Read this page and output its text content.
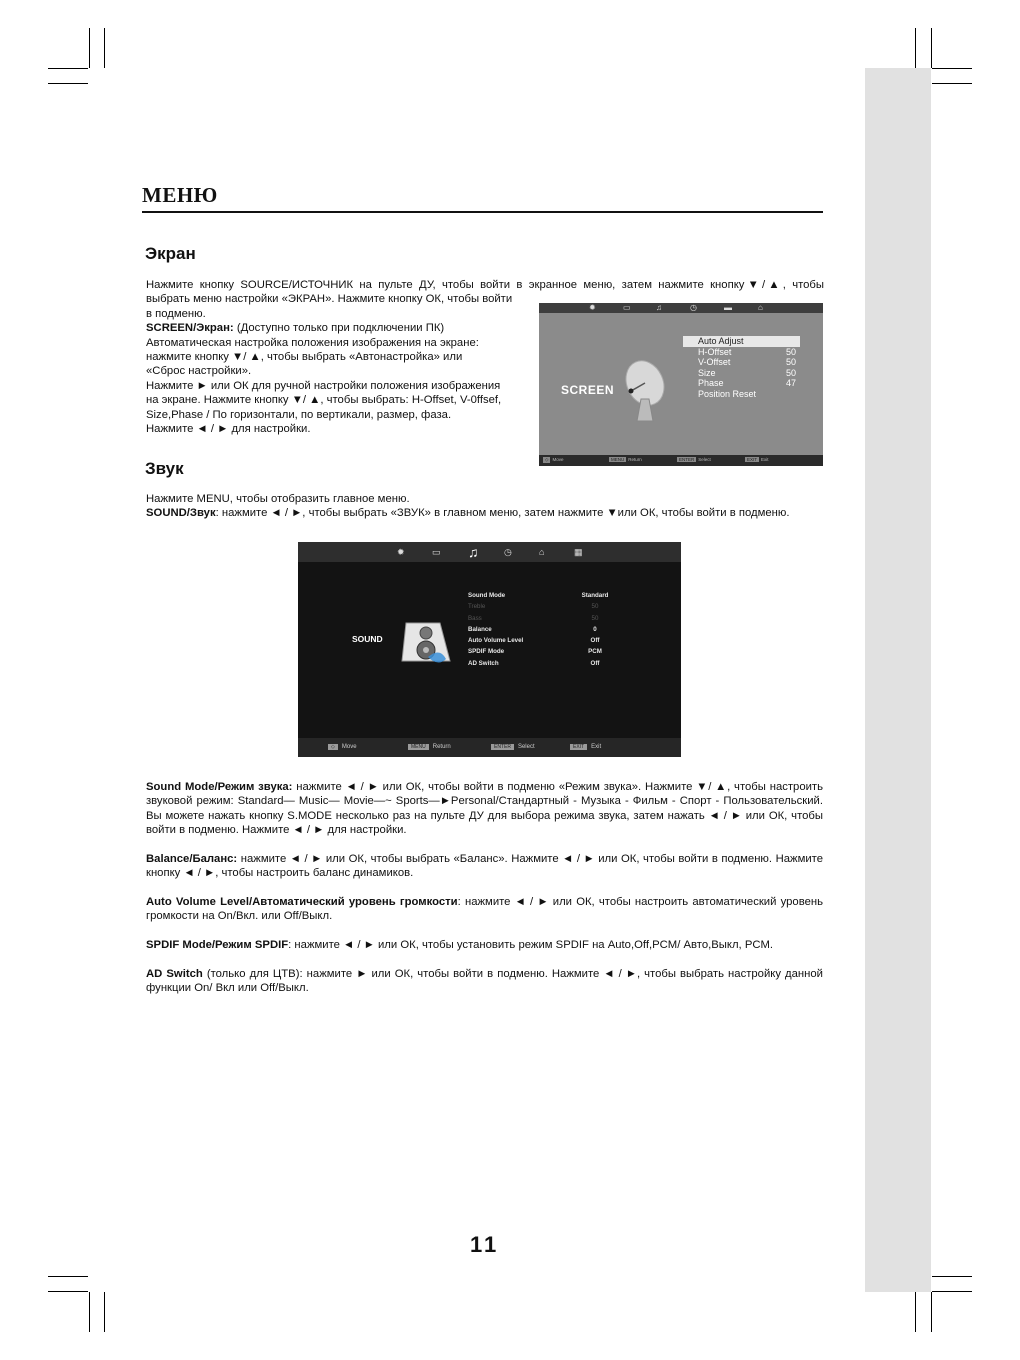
МЕНЮ
Экран
Нажмите кнопку SOURCE/ИСТОЧНИК на пульте ДУ, чтобы войти в экранное меню, затем нажмите кнопку▼/▲, чтобы
выбрать меню настройки «ЭКРАН». Нажмите кнопку ОК, чтобы войти
в подменю.
SCREEN/Экран: (Доступно только при подключении ПК)
Автоматическая настройка положения изображения на экране:
нажмите кнопку ▼/ ▲, чтобы выбрать «Автонастройка» или
«Сброс настройки».
Нажмите ► или ОК для ручной настройки положения изображения
на экране. Нажмите кнопку ▼/ ▲, чтобы выбрать: H-Offset, V-0ffsef,
Size,Phase / По горизонтали, по вертикали, размер, фаза.
Нажмите ◄ / ► для настройки.
✹	▭	♫	◷	▬	⌂
SCREEN
Auto Adjust
H-Offset	50
V-Offset	50
Size	50
Phase	47
Position Reset
◇ Move	MENU Return	ENTER Select	EXIT Exit
Звук
Нажмите MENU, чтобы отобразить главное меню.
SOUND/Звук: нажмите ◄ / ►, чтобы выбрать «ЗВУК» в главном меню, затем нажмите ▼или ОК, чтобы войти в подменю.
✹	▭ ♫	◷	⌂	▦
SOUND
Sound Mode	Standard
Treble	50
Bass	50
Balance	0
Auto Volume Level	Off
SPDIF Mode	PCM
AD Switch	Off
◇ Move	MENU Return	ENTER Select	EXIT Exit
Sound Mode/Режим звука: нажмите ◄ / ► или ОК, чтобы войти в подменю «Режим звука». Нажмите ▼/ ▲, чтобы настроить звуковой режим: Standard— Music— Movie—~ Sports—►Personal/Стандартный - Музыка - Фильм - Спорт - Пользовательский. Вы можете нажать кнопку S.MODE несколько раз на пульте ДУ для выбора режима звука, затем нажать ◄ / ► или ОК, чтобы войти в подменю. Нажмите ◄ / ► для настройки.
Balance/Баланс: нажмите ◄ / ► или ОК, чтобы выбрать «Баланс». Нажмите ◄ / ► или ОК, чтобы войти в подменю. Нажмите кнопку ◄ / ►, чтобы настроить баланс динамиков.
Auto Volume Level/Автоматический уровень громкости: нажмите ◄ / ► или ОК, чтобы настроить автоматический уровень громкости на On/Вкл. или Off/Выкл.
SPDIF Mode/Режим SPDIF: нажмите ◄ / ► или ОК, чтобы установить режим SPDIF на Auto,Off,PCM/ Авто,Выкл, PCM.
AD Switch (только для ЦТВ): нажмите ► или ОК, чтобы войти в подменю. Нажмите ◄ / ►, чтобы выбрать настройку данной функции On/ Вкл или Off/Выкл.
11
